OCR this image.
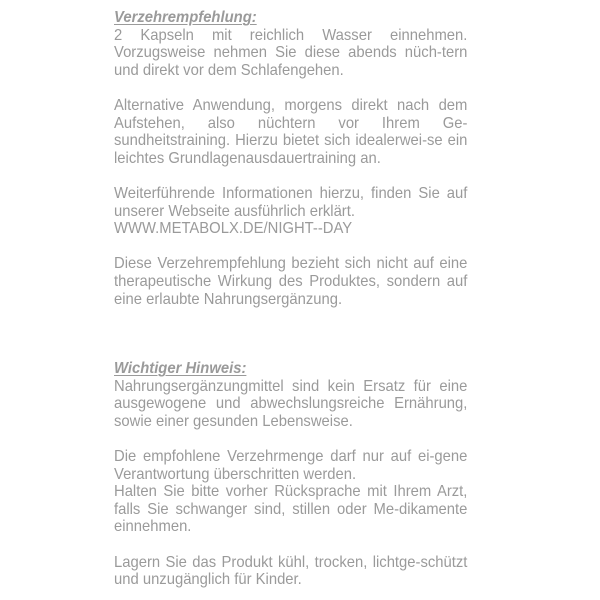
Verzehrempfehlung:

2 Kapseln mit reichlich Wasser einnehmen. Vorzugsweise nehmen Sie diese abends nüch-tern und direkt vor dem Schlafengehen.

Alternative Anwendung, morgens direkt nach dem Aufstehen, also nüchtern vor Ihrem Ge-sundheitstraining. Hierzu bietet sich idealerwei-se ein leichtes Grundlagenausdauertraining an.

Weiterführende Informationen hierzu, finden Sie auf unserer Webseite ausführlich erklärt.

WWW.METABOLX.DE/NIGHT--DAY

Diese Verzehrempfehlung bezieht sich nicht auf eine therapeutische Wirkung des Produktes, sondern auf eine erlaubte Nahrungsergänzung.

Wichtiger Hinweis:

Nahrungsergänzungmittel sind kein Ersatz für eine ausgewogene und abwechslungsreiche Ernährung, sowie einer gesunden Lebensweise.

Die empfohlene Verzehrmenge darf nur auf ei-gene Verantwortung überschritten werden.

Halten Sie bitte vorher Rücksprache mit Ihrem Arzt, falls Sie schwanger sind, stillen oder Me-dikamente einnehmen.

Lagern Sie das Produkt kühl, trocken, lichtge-schützt und unzugänglich für Kinder.
